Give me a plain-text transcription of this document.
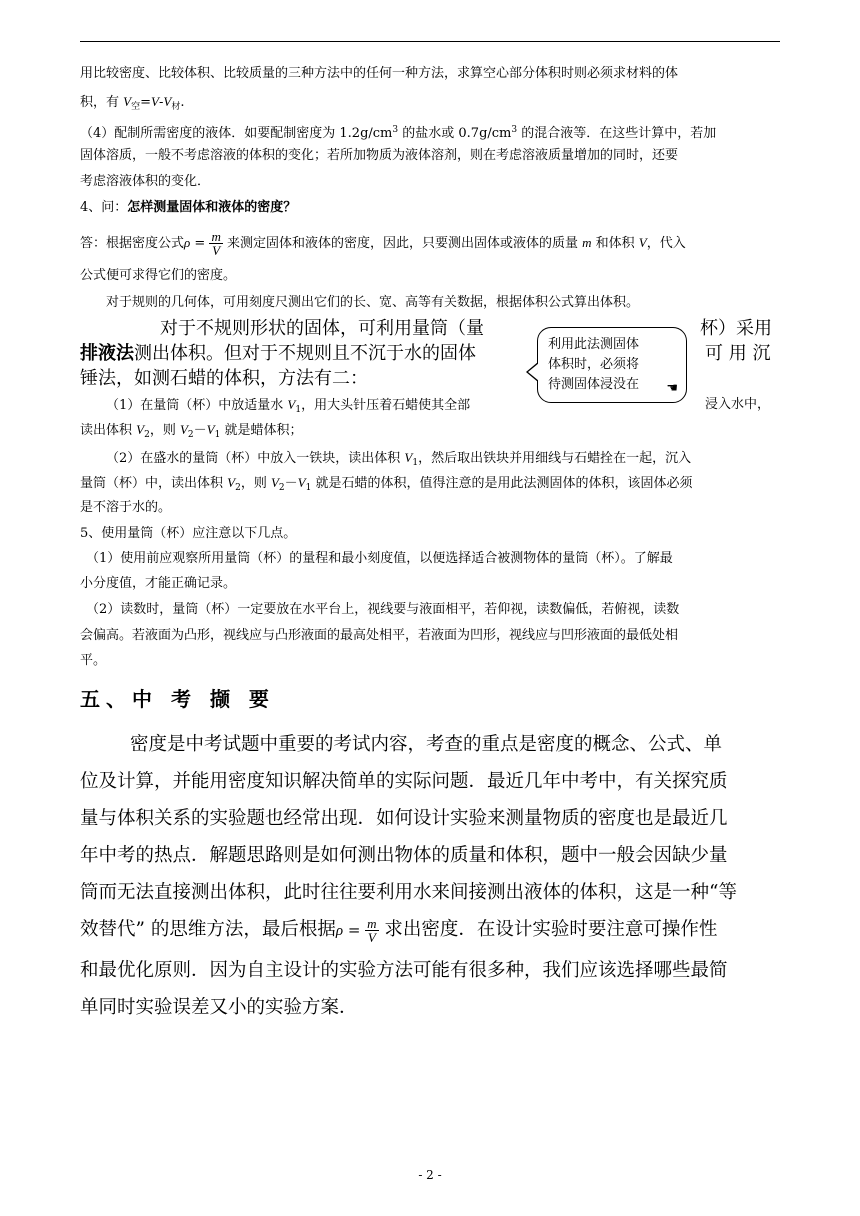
用比较密度、比较体积、比较质量的三种方法中的任何一种方法，求算空心部分体积时则必须求材料的体
积，有 $V_空=V-V_材$.
（4）配制所需密度的液体．如要配制密度为 $1.2g/cm^3$ 的盐水或 $0.7g/cm^3$ 的混合液等．在这些计算中，若加
固体溶质，一般不考虑溶液的体积的变化；若所加物质为液体溶剂，则在考虑溶液质量增加的同时，还要
考虑溶液体积的变化．
4、问：怎样测量固体和液体的密度？
答：根据密度公式$\rho = \frac{m}{V}$ 来测定固体和液体的密度，因此，只要测出固体或液体的质量 m 和体积 V，代入
公式便可求得它们的密度。
对于规则的几何体，可用刻度尺测出它们的长、宽、高等有关数据，根据体积公式算出体积。
对于不规则形状的固体，可利用量筒（量	杯）采用
排液法测出体积。但对于不规则且不沉于水的固体	可 用 沉
锤法，如测石蜡的体积，方法有二：
利用此法测固体
体积时，必须将
待测固体浸没在 ☚
（1）在量筒（杯）中放适量水 $V_1$，用大头针压着石蜡使其全部	浸入水中，
读出体积 $V_2$，则 $V_2-V_1$ 就是蜡体积；
（2）在盛水的量筒（杯）中放入一铁块，读出体积 $V_1$，然后取出铁块并用细线与石蜡拴在一起，沉入
量筒（杯）中，读出体积 $V_2$，则 $V_2-V_1$ 就是石蜡的体积，值得注意的是用此法测固体的体积，该固体必须
是不溶于水的。
5、使用量筒（杯）应注意以下几点。
（1）使用前应观察所用量筒（杯）的量程和最小刻度值，以便选择适合被测物体的量筒（杯）。了解最
小分度值，才能正确记录。
（2）读数时，量筒（杯）一定要放在水平台上，视线要与液面相平，若仰视，读数偏低，若俯视，读数
会偏高。若液面为凸形，视线应与凸形液面的最高处相平，若液面为凹形，视线应与凹形液面的最低处相
平。
五、中 考 撷 要
密度是中考试题中重要的考试内容，考查的重点是密度的概念、公式、单
位及计算，并能用密度知识解决简单的实际问题．最近几年中考中，有关探究质
量与体积关系的实验题也经常出现．如何设计实验来测量物质的密度也是最近几
年中考的热点．解题思路则是如何测出物体的质量和体积，题中一般会因缺少量
筒而无法直接测出体积，此时往往要利用水来间接测出液体的体积，这是一种“等
效替代” 的思维方法，最后根据$\rho = \frac{m}{V}$ 求出密度．在设计实验时要注意可操作性
和最优化原则．因为自主设计的实验方法可能有很多种，我们应该选择哪些最简
单同时实验误差又小的实验方案．
- 2 -
